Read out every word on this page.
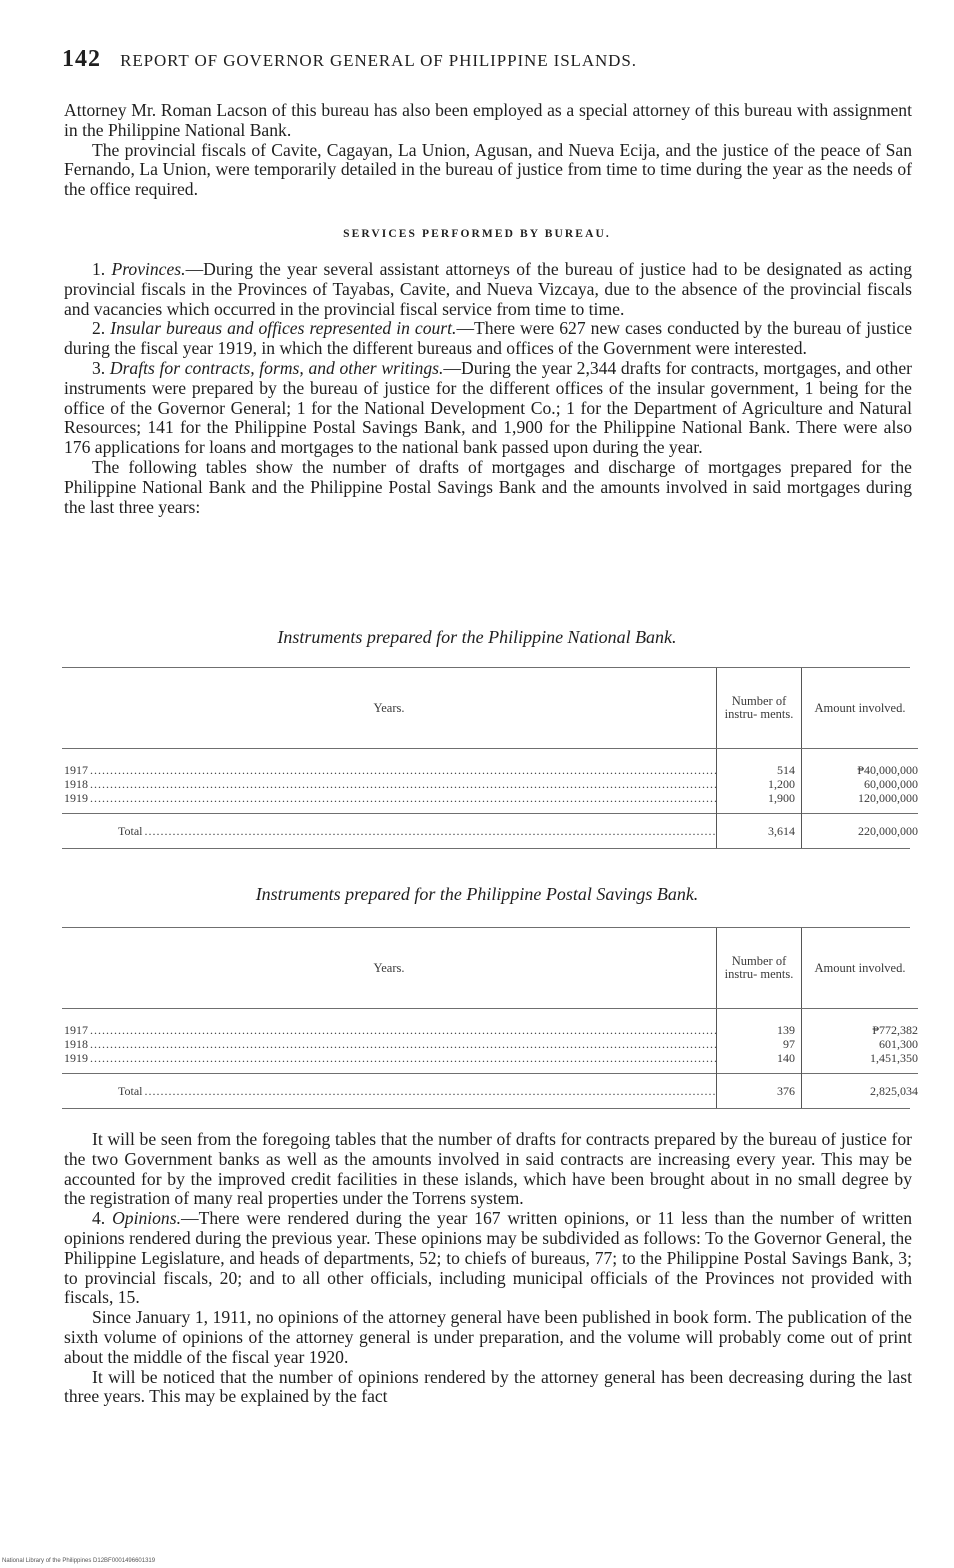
142 REPORT OF GOVERNOR GENERAL OF PHILIPPINE ISLANDS.

Attorney Mr. Roman Lacson of this bureau has also been employed as a special attorney of this bureau with assignment in the Philippine National Bank.

The provincial fiscals of Cavite, Cagayan, La Union, Agusan, and Nueva Ecija, and the justice of the peace of San Fernando, La Union, were temporarily detailed in the bureau of justice from time to time during the year as the needs of the office required.

SERVICES PERFORMED BY BUREAU.

1. Provinces.—During the year several assistant attorneys of the bureau of justice had to be designated as acting provincial fiscals in the Provinces of Tayabas, Cavite, and Nueva Vizcaya, due to the absence of the provincial fiscals and vacancies which occurred in the provincial fiscal service from time to time.

2. Insular bureaus and offices represented in court.—There were 627 new cases conducted by the bureau of justice during the fiscal year 1919, in which the different bureaus and offices of the Government were interested.

3. Drafts for contracts, forms, and other writings.—During the year 2,344 drafts for contracts, mortgages, and other instruments were prepared by the bureau of justice for the different offices of the insular government, 1 being for the office of the Governor General; 1 for the National Development Co.; 1 for the Department of Agriculture and Natural Resources; 141 for the Philippine Postal Savings Bank, and 1,900 for the Philippine National Bank. There were also 176 applications for loans and mortgages to the national bank passed upon during the year.

The following tables show the number of drafts of mortgages and discharge of mortgages prepared for the Philippine National Bank and the Philippine Postal Savings Bank and the amounts involved in said mortgages during the last three years:

Instruments prepared for the Philippine National Bank.
Years.	Number of instru- ments.	Amount involved.

1917 .....	514	₱40,000,000

1918 .....	1,200	60,000,000

1919 .....	1,900	120,000,000

Total .....	3,614	220,000,000
Instruments prepared for the Philippine Postal Savings Bank.
Years.	Number of instru- ments.	Amount involved.

1917 .....	139	₱772,382

1918 .....	97	601,300

1919 .....	140	1,451,350

Total .....	376	2,825,034

It will be seen from the foregoing tables that the number of drafts for contracts prepared by the bureau of justice for the two Government banks as well as the amounts involved in said contracts are increasing every year. This may be accounted for by the improved credit facilities in these islands, which have been brought about in no small degree by the registration of many real properties under the Torrens system.

4. Opinions.—There were rendered during the year 167 written opinions, or 11 less than the number of written opinions rendered during the previous year. These opinions may be subdivided as follows: To the Governor General, the Philippine Legislature, and heads of departments, 52; to chiefs of bureaus, 77; to the Philippine Postal Savings Bank, 3; to provincial fiscals, 20; and to all other officials, including municipal officials of the Provinces not provided with fiscals, 15.

Since January 1, 1911, no opinions of the attorney general have been published in book form. The publication of the sixth volume of opinions of the attorney general is under preparation, and the volume will probably come out of print about the middle of the fiscal year 1920.

It will be noticed that the number of opinions rendered by the attorney general has been decreasing during the last three years. This may be explained by the fact

National Library of the Philippines D12BF0001496601319
